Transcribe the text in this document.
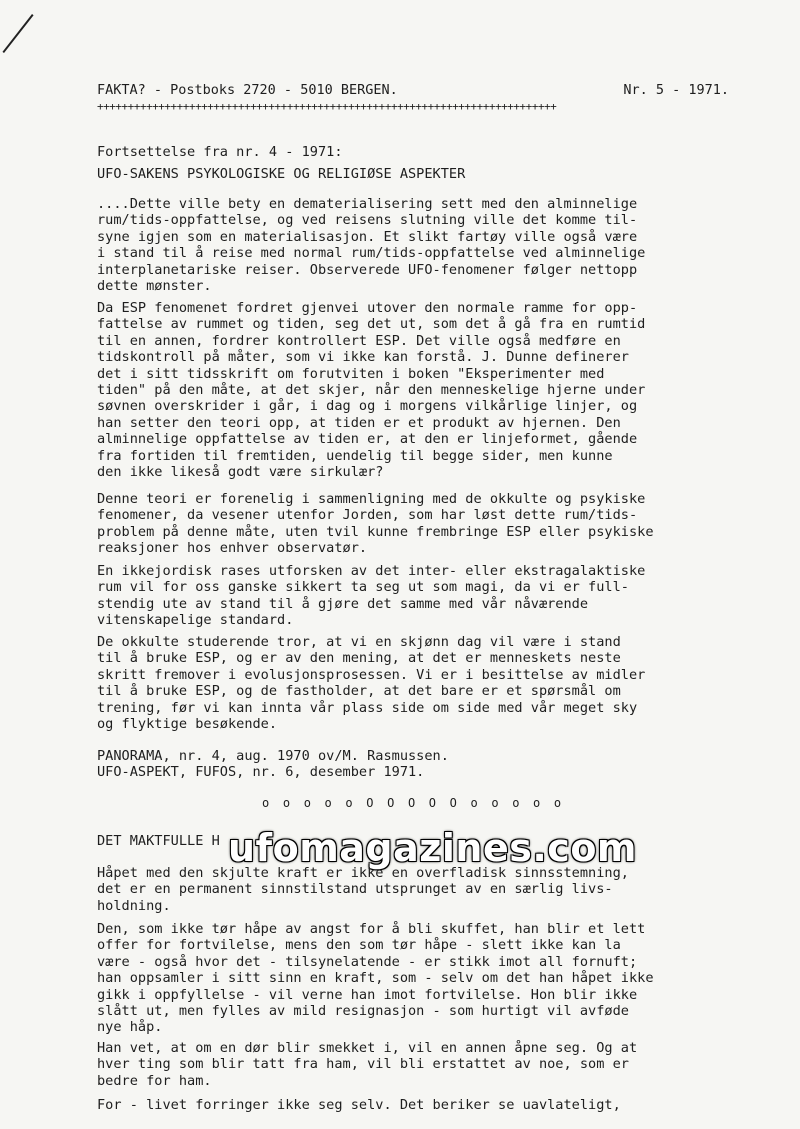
FAKTA? - Postboks 2720 - 5010 BERGEN.	Nr. 5 - 1971.
+++++++++++++++++++++++++++++++++++++++++++++++++++++++++++++++++++++++++++
Fortsettelse fra nr. 4 - 1971:
UFO-SAKENS PSYKOLOGISKE OG RELIGIØSE ASPEKTER
....Dette ville bety en dematerialisering sett med den alminnelige
rum/tids-oppfattelse, og ved reisens slutning ville det komme til-
syne igjen som en materialisasjon. Et slikt fartøy ville også være
i stand til å reise med normal rum/tids-oppfattelse ved alminnelige
interplanetariske reiser. Observerede UFO-fenomener følger nettopp
dette mønster.
Da ESP fenomenet fordret gjenvei utover den normale ramme for opp-
fattelse av rummet og tiden, seg det ut, som det å gå fra en rumtid
til en annen, fordrer kontrollert ESP. Det ville også medføre en
tidskontroll på måter, som vi ikke kan forstå. J. Dunne definerer
det i sitt tidsskrift om forutviten i boken "Eksperimenter med
tiden" på den måte, at det skjer, når den menneskelige hjerne under
søvnen overskrider i går, i dag og i morgens vilkårlige linjer, og
han setter den teori opp, at tiden er et produkt av hjernen. Den
alminnelige oppfattelse av tiden er, at den er linjeformet, gående
fra fortiden til fremtiden, uendelig til begge sider, men kunne
den ikke likeså godt være sirkulær?
Denne teori er forenelig i sammenligning med de okkulte og psykiske
fenomener, da vesener utenfor Jorden, som har løst dette rum/tids-
problem på denne måte, uten tvil kunne frembringe ESP eller psykiske
reaksjoner hos enhver observatør.
En ikkejordisk rases utforsken av det inter- eller ekstragalaktiske
rum vil for oss ganske sikkert ta seg ut som magi, da vi er full-
stendig ute av stand til å gjøre det samme med vår nåværende
vitenskapelige standard.
De okkulte studerende tror, at vi en skjønn dag vil være i stand
til å bruke ESP, og er av den mening, at det er menneskets neste
skritt fremover i evolusjonsprosessen. Vi er i besittelse av midler
til å bruke ESP, og de fastholder, at det bare er et spørsmål om
trening, før vi kan innta vår plass side om side med vår meget sky
og flyktige besøkende.
PANORAMA, nr. 4, aug. 1970 ov/M. Rasmussen.
UFO-ASPEKT, FUFOS, nr. 6, desember 1971.
o o o o o O O O O O o o o o o
DET MAKTFULLE H ufomagazines.com
Håpet med den skjulte kraft er ikke en overfladisk sinnsstemning,
det er en permanent sinnstilstand utsprunget av en særlig livs-
holdning.
Den, som ikke tør håpe av angst for å bli skuffet, han blir et lett
offer for fortvilelse, mens den som tør håpe - slett ikke kan la
være - også hvor det - tilsynelatende - er stikk imot all fornuft;
han oppsamler i sitt sinn en kraft, som - selv om det han håpet ikke
gikk i oppfyllelse - vil verne han imot fortvilelse. Hon blir ikke
slått ut, men fylles av mild resignasjon - som hurtigt vil avføde
nye håp.
Han vet, at om en dør blir smekket i, vil en annen åpne seg. Og at
hver ting som blir tatt fra ham, vil bli erstattet av noe, som er
bedre for ham.
For - livet forringer ikke seg selv. Det beriker se uavlateligt,
